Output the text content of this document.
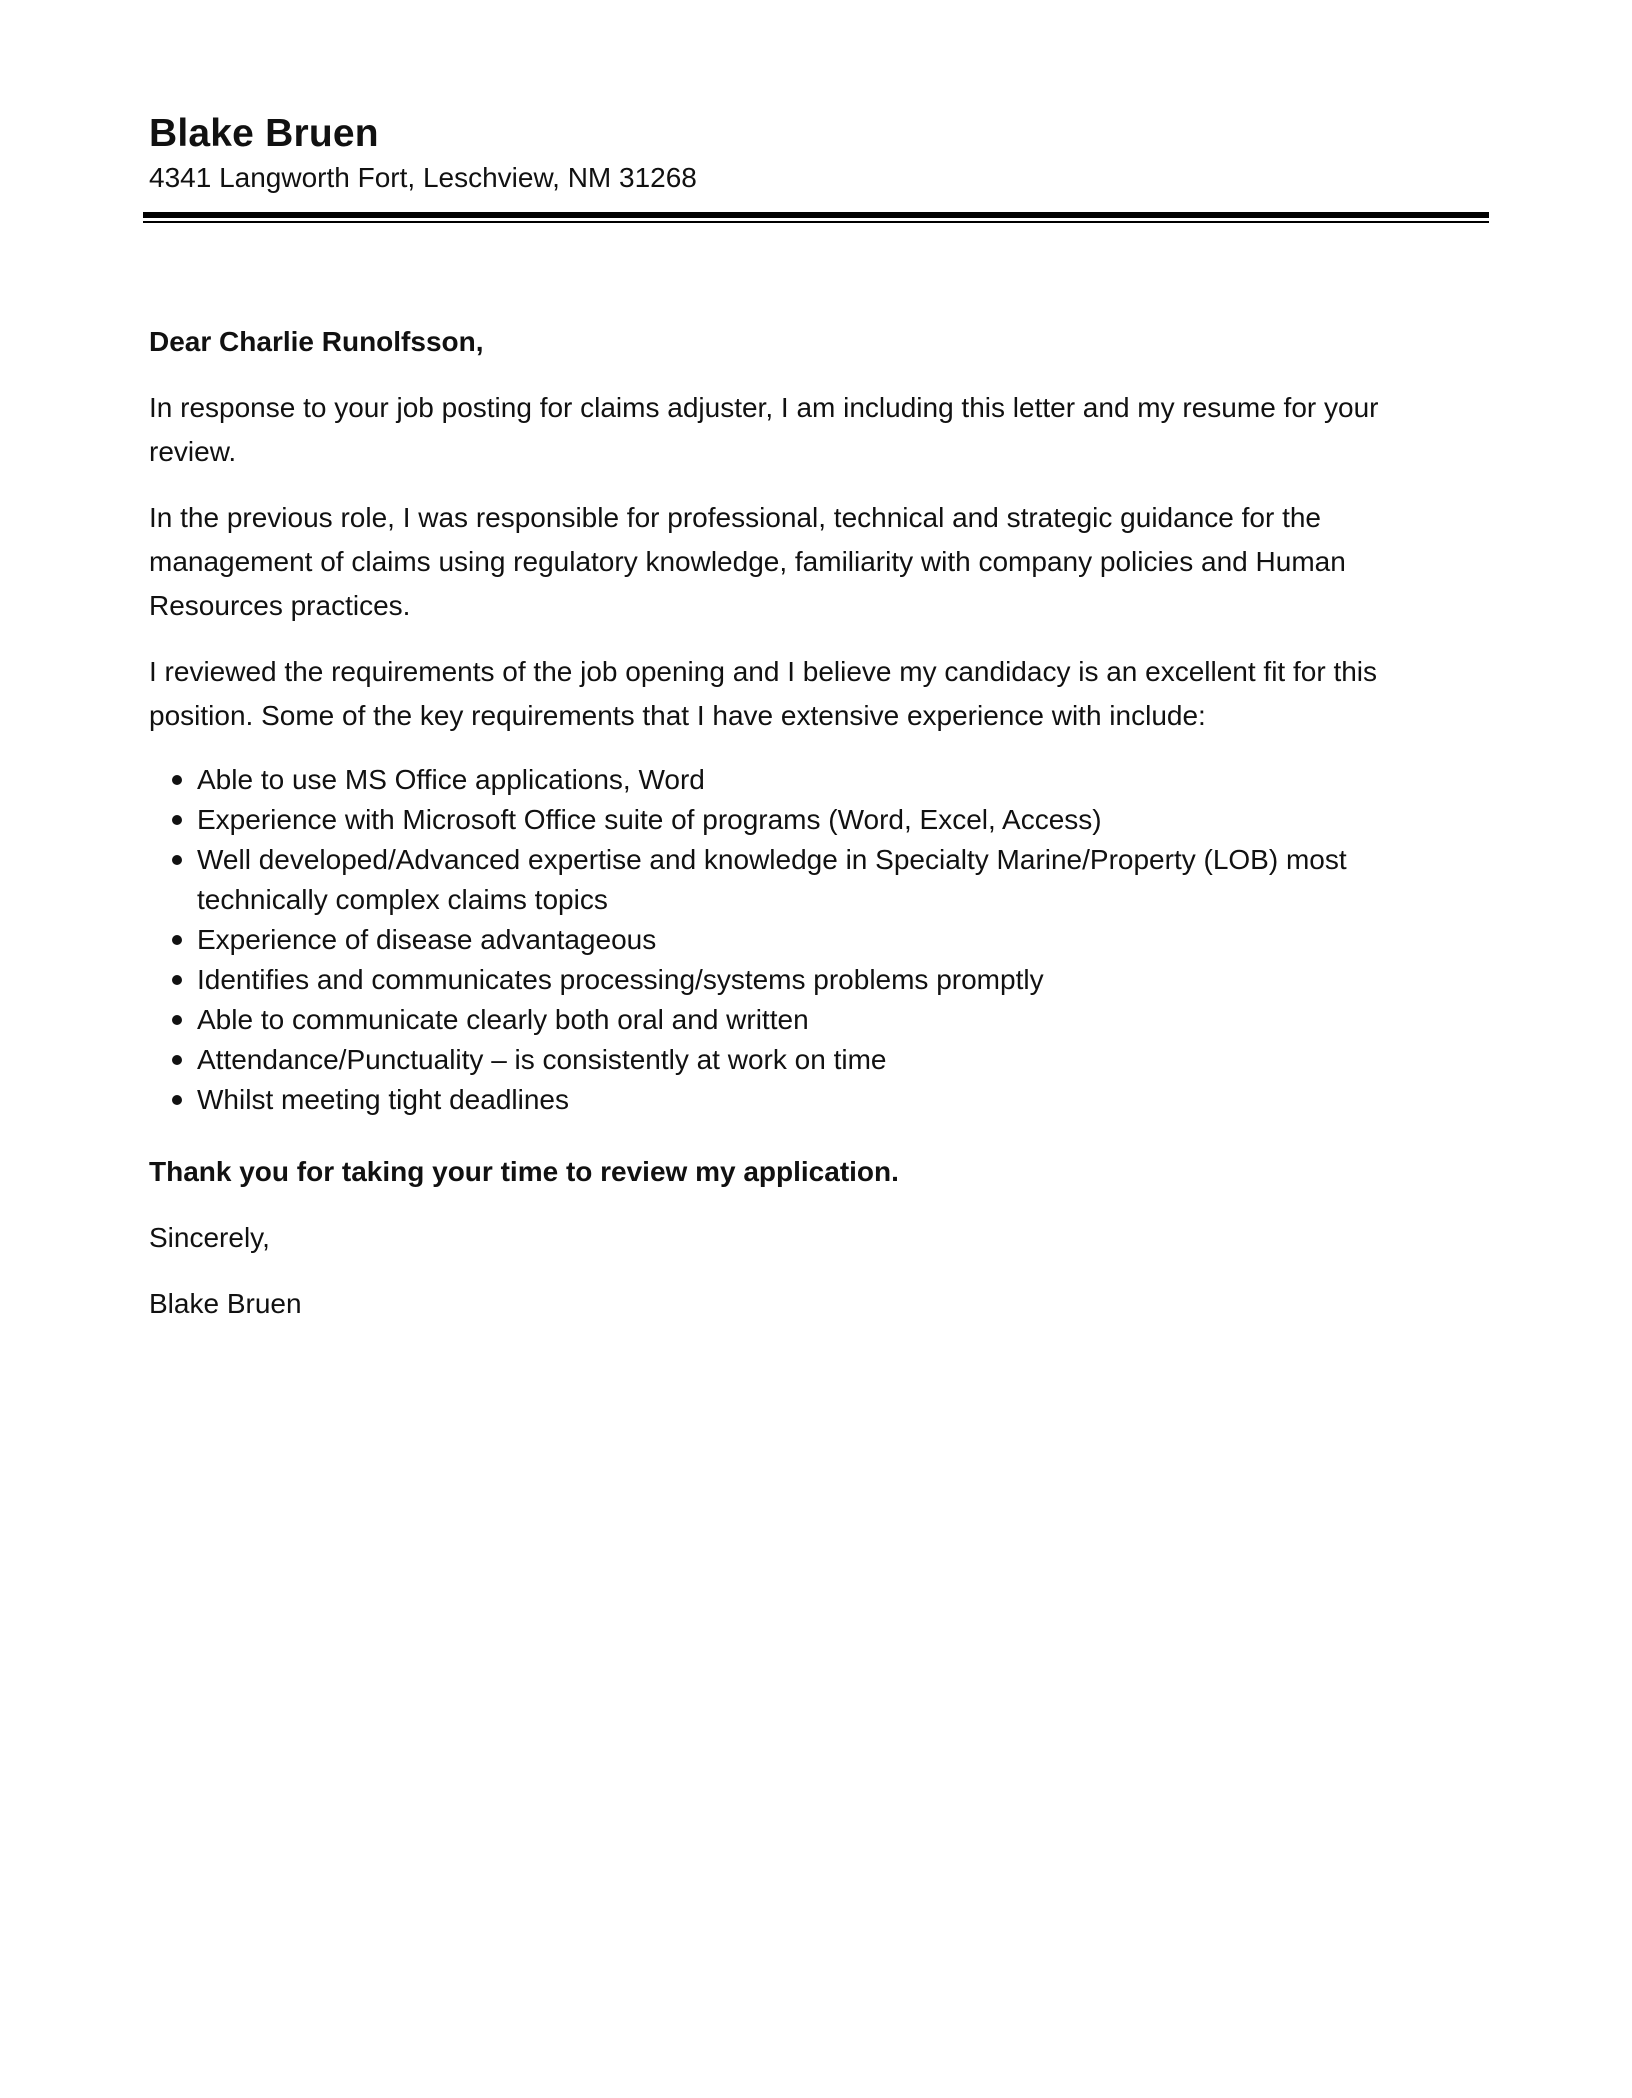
Blake Bruen

4341 Langworth Fort, Leschview, NM 31268

Dear Charlie Runolfsson,

In response to your job posting for claims adjuster, I am including this letter and my resume for your review.

In the previous role, I was responsible for professional, technical and strategic guidance for the management of claims using regulatory knowledge, familiarity with company policies and Human Resources practices.

I reviewed the requirements of the job opening and I believe my candidacy is an excellent fit for this position. Some of the key requirements that I have extensive experience with include:

Able to use MS Office applications, Word
Experience with Microsoft Office suite of programs (Word, Excel, Access)
Well developed/Advanced expertise and knowledge in Specialty Marine/Property (LOB) most technically complex claims topics
Experience of disease advantageous
Identifies and communicates processing/systems problems promptly
Able to communicate clearly both oral and written
Attendance/Punctuality – is consistently at work on time
Whilst meeting tight deadlines

Thank you for taking your time to review my application.

Sincerely,

Blake Bruen
